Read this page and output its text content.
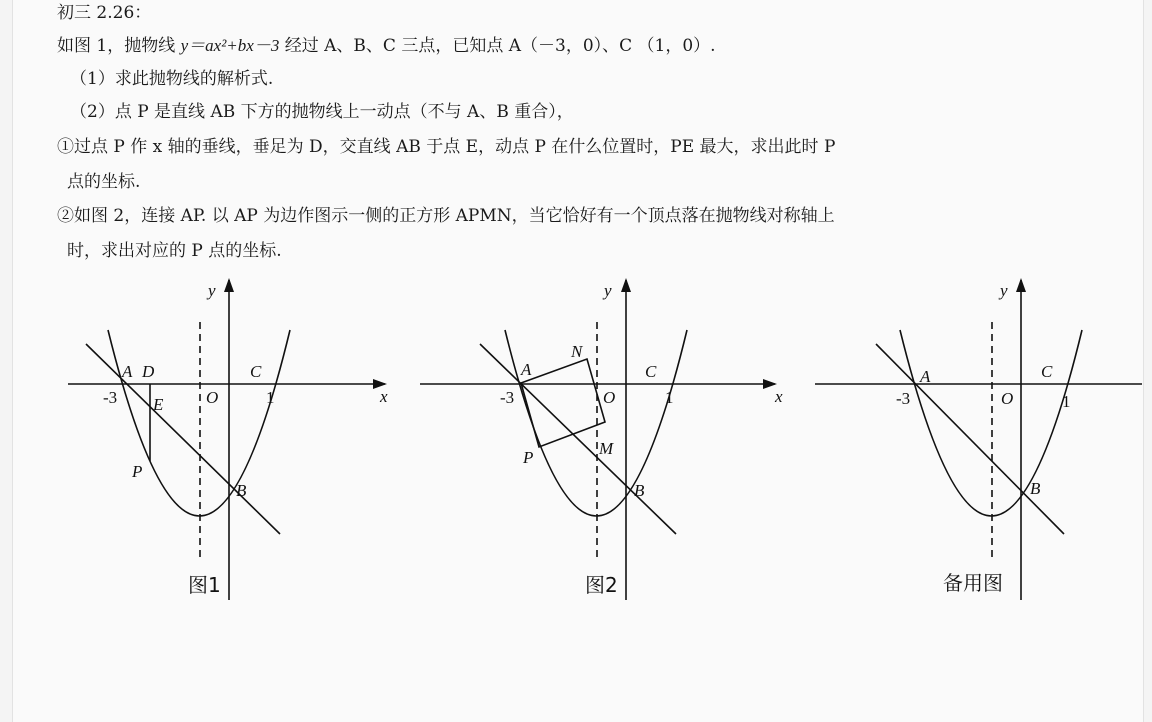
初三 2.26：
如图 1，抛物线 y＝ax²+bx－3 经过 A、B、C 三点，已知点 A（－3，0）、C （1，0）.
（1）求此抛物线的解析式.
（2）点 P 是直线 AB 下方的抛物线上一动点（不与 A、B 重合），
①过点 P 作 x 轴的垂线，垂足为 D，交直线 AB 于点 E，动点 P 在什么位置时，PE 最大，求出此时 P
点的坐标.
②如图 2，连接 AP. 以 AP 为边作图示一侧的正方形 APMN，当它恰好有一个顶点落在抛物线对称轴上
时，求出对应的 P 点的坐标.
y
x
A D	C
-3 E	O	1
P
B
图1
y
x
A
N
C
-3	O	1
M
P
B
图2
y
A	C
-3	O	1
B
备用图
